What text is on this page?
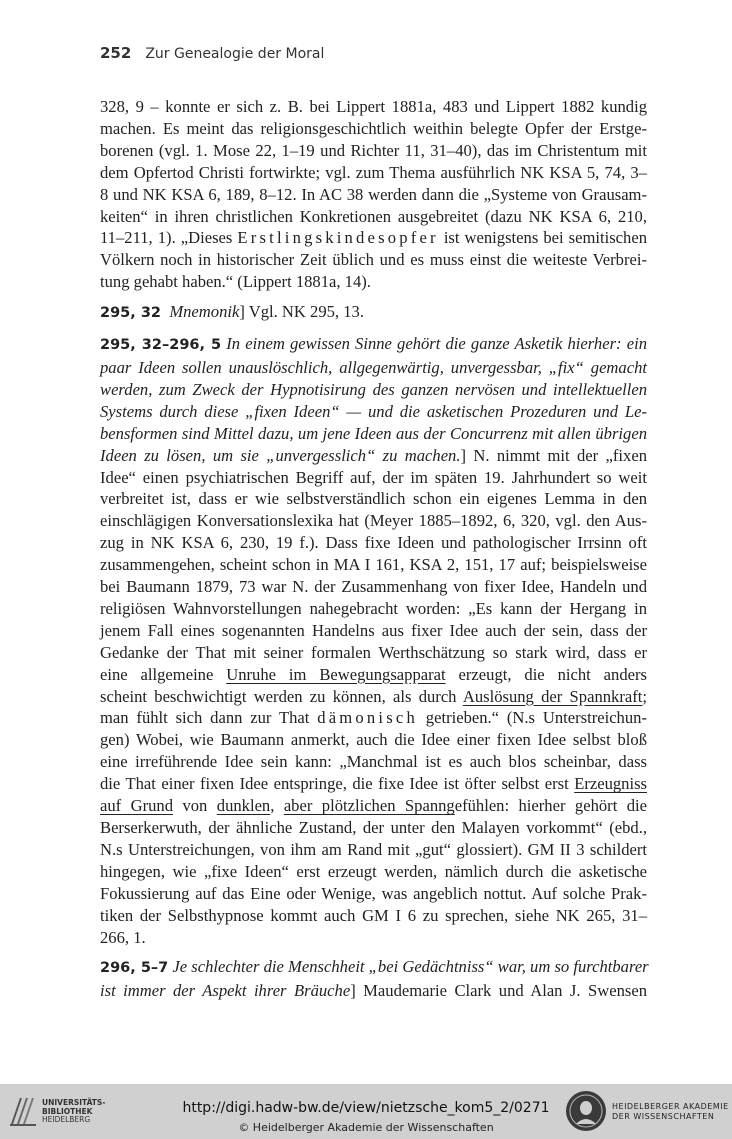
252 Zur Genealogie der Moral

328, 9 – konnte er sich z. B. bei Lippert 1881a, 483 und Lippert 1882 kundig
machen. Es meint das religionsgeschichtlich weithin belegte Opfer der Erstge-
borenen (vgl. 1. Mose 22, 1–19 und Richter 11, 31–40), das im Christentum mit
dem Opfertod Christi fortwirkte; vgl. zum Thema ausführlich NK KSA 5, 74, 3–
8 und NK KSA 6, 189, 8–12. In AC 38 werden dann die „Systeme von Grausam-
keiten“ in ihren christlichen Konkretionen ausgebreitet (dazu NK KSA 6, 210,
11–211, 1). „Dieses Erstlingskindesopfer ist wenigstens bei semitischen
Völkern noch in historischer Zeit üblich und es muss einst die weiteste Verbrei-
tung gehabt haben.“ (Lippert 1881a, 14).

295, 32 Mnemonik] Vgl. NK 295, 13.

295, 32–296, 5 In einem gewissen Sinne gehört die ganze Asketik hierher: ein
paar Ideen sollen unauslöschlich, allgegenwärtig, unvergessbar, „fix“ gemacht
werden, zum Zweck der Hypnotisirung des ganzen nervösen und intellektuellen
Systems durch diese „fixen Ideen“ — und die asketischen Prozeduren und Le-
bensformen sind Mittel dazu, um jene Ideen aus der Concurrenz mit allen übrigen
Ideen zu lösen, um sie „unvergesslich“ zu machen.] N. nimmt mit der „fixen
Idee“ einen psychiatrischen Begriff auf, der im späten 19. Jahrhundert so weit
verbreitet ist, dass er wie selbstverständlich schon ein eigenes Lemma in den
einschlägigen Konversationslexika hat (Meyer 1885–1892, 6, 320, vgl. den Aus-
zug in NK KSA 6, 230, 19 f.). Dass fixe Ideen und pathologischer Irrsinn oft
zusammengehen, scheint schon in MA I 161, KSA 2, 151, 17 auf; beispielsweise
bei Baumann 1879, 73 war N. der Zusammenhang von fixer Idee, Handeln und
religiösen Wahnvorstellungen nahegebracht worden: „Es kann der Hergang in
jenem Fall eines sogenannten Handelns aus fixer Idee auch der sein, dass der
Gedanke der That mit seiner formalen Werthschätzung so stark wird, dass er
eine allgemeine Unruhe im Bewegungsapparat erzeugt, die nicht anders
scheint beschwichtigt werden zu können, als durch Auslösung der Spannkraft;
man fühlt sich dann zur That dämonisch getrieben.“ (N.s Unterstreichun-
gen) Wobei, wie Baumann anmerkt, auch die Idee einer fixen Idee selbst bloß
eine irreführende Idee sein kann: „Manchmal ist es auch blos scheinbar, dass
die That einer fixen Idee entspringe, die fixe Idee ist öfter selbst erst Erzeugniss
auf Grund von dunklen, aber plötzlichen Spanngefühlen: hierher gehört die
Berserkerwuth, der ähnliche Zustand, der unter den Malayen vorkommt“ (ebd.,
N.s Unterstreichungen, von ihm am Rand mit „gut“ glossiert). GM II 3 schildert
hingegen, wie „fixe Ideen“ erst erzeugt werden, nämlich durch die asketische
Fokussierung auf das Eine oder Wenige, was angeblich nottut. Auf solche Prak-
tiken der Selbsthypnose kommt auch GM I 6 zu sprechen, siehe NK 265, 31–
266, 1.

296, 5–7 Je schlechter die Menschheit „bei Gedächtniss“ war, um so furchtbarer
ist immer der Aspekt ihrer Bräuche] Maudemarie Clark und Alan J. Swensen

UNIVERSITÄTS-
BIBLIOTHEK
HEIDELBERG
http://digi.hadw-bw.de/view/nietzsche_kom5_2/0271
© Heidelberger Akademie der Wissenschaften
HEIDELBERGER AKADEMIE
DER WISSENSCHAFTEN
